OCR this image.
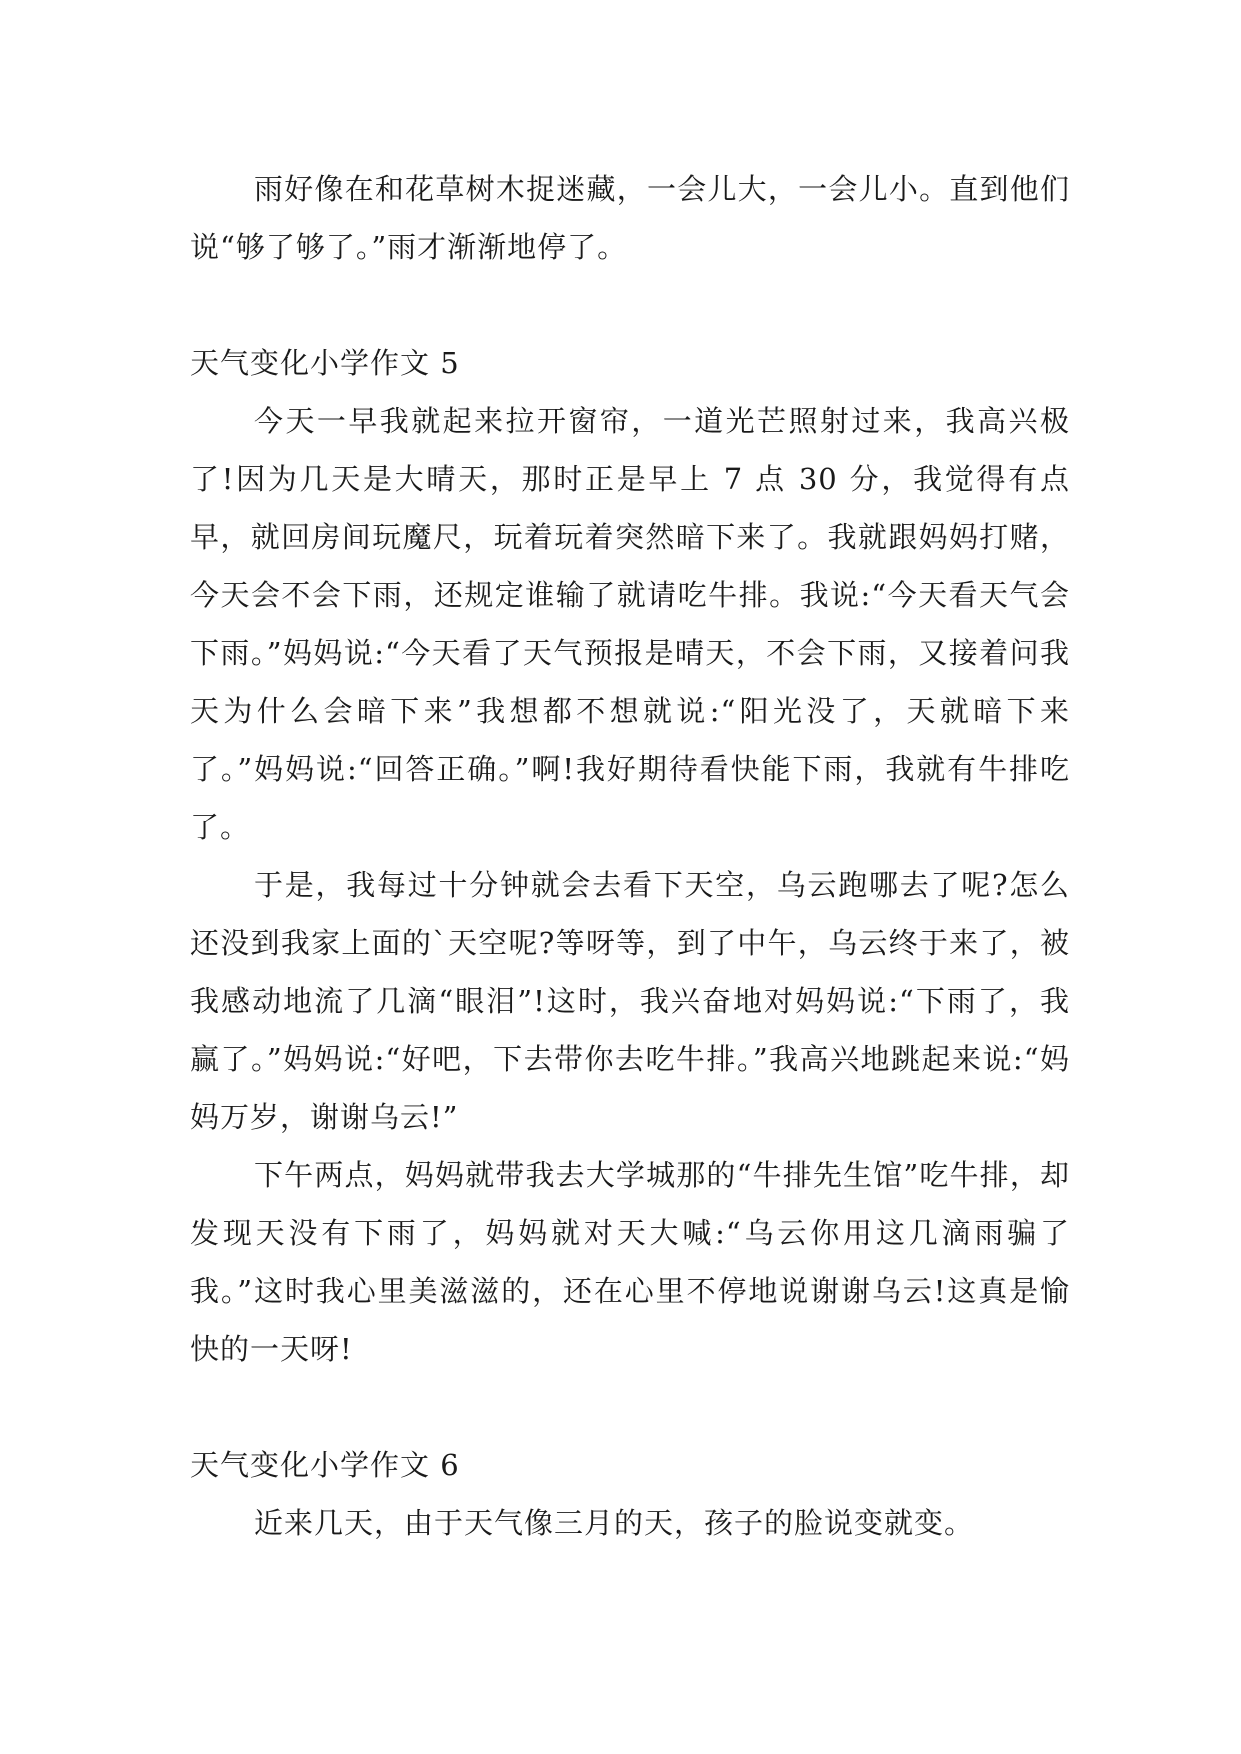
雨好像在和花草树木捉迷藏，一会儿大，一会儿小。直到他们说“够了够了。”雨才渐渐地停了。

天气变化小学作文 5

今天一早我就起来拉开窗帘，一道光芒照射过来，我高兴极了!因为几天是大晴天，那时正是早上 7 点 30 分，我觉得有点早，就回房间玩魔尺，玩着玩着突然暗下来了。我就跟妈妈打赌，今天会不会下雨，还规定谁输了就请吃牛排。我说:“今天看天气会下雨。”妈妈说:“今天看了天气预报是晴天，不会下雨，又接着问我天为什么会暗下来”我想都不想就说:“阳光没了，天就暗下来了。”妈妈说:“回答正确。”啊!我好期待看快能下雨，我就有牛排吃了。

于是，我每过十分钟就会去看下天空，乌云跑哪去了呢?怎么还没到我家上面的`天空呢?等呀等，到了中午，乌云终于来了，被我感动地流了几滴“眼泪”!这时，我兴奋地对妈妈说:“下雨了，我赢了。”妈妈说:“好吧，下去带你去吃牛排。”我高兴地跳起来说:“妈妈万岁，谢谢乌云!”

下午两点，妈妈就带我去大学城那的“牛排先生馆”吃牛排，却发现天没有下雨了，妈妈就对天大喊:“乌云你用这几滴雨骗了我。”这时我心里美滋滋的，还在心里不停地说谢谢乌云!这真是愉快的一天呀!

天气变化小学作文 6

近来几天，由于天气像三月的天，孩子的脸说变就变。
